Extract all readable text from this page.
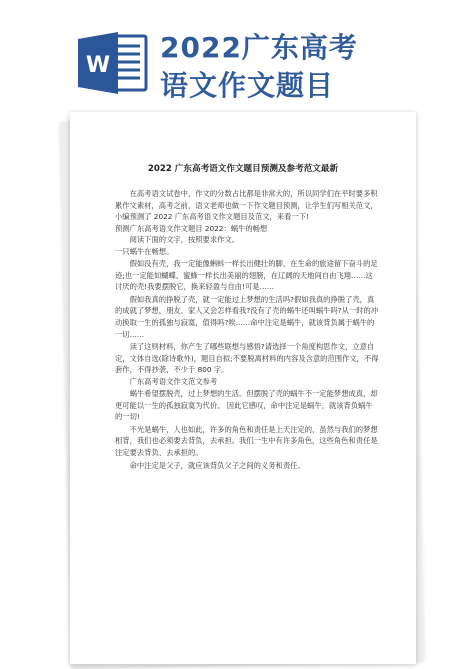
W
2022广东高考
语文作文题目
2022 广东高考语文作文题目预测及参考范文最新

在高考语文试卷中，作文的分数占比都是非常大的，所以同学们在平时要多积累作文素材，高考之前，语文老师也做一下作文题目预测，让学生们写相关范文，小编预测了 2022 广东高考语文作文题目及范文，来看一下!

预测广东高考语文作文题目 2022：蜗牛的畅想

阅读下面的文字，按照要求作文。

一只蜗牛在畅想。

假如没有壳，我一定能像蝌蚪一样长出健壮的脚，在生命的旅途留下奋斗的足迹;也一定能如蝴蝶、蜜蜂一样长出美丽的翅膀，在辽阔的天地间自由飞翔……这讨厌的壳!我要摆脱它，换来轻盈与自由!可是……

假如我真的挣脱了壳，就一定能过上梦想的生活吗?假如我真的挣脱了壳，真的成就了梦想，朋友、家人又会怎样看我?没有了壳的蜗牛还叫蜗牛吗?从一时的冲动换取一生的孤独与寂寞，值得吗?唉……命中注定是蜗牛，就该背负属于蜗牛的一切……

读了这则材料，你产生了哪些联想与感悟?请选择一个角度构思作文，立意自定，文体自选(除诗歌外)，题目自拟;不要脱离材料的内容及含意的范围作文，不得套作，不得抄袭，不少于 800 字。

广东高考语文作文范文参考

蜗牛希望摆脱壳，过上梦想的生活。但摆脱了壳的蜗牛不一定能梦想成真，却更可能以一生的孤独寂寞为代价。 因此它感叹，命中注定是蜗牛，就该背负蜗牛的一切!

不光是蜗牛，人也如此，许多的角色和责任是上天注定的，虽然与我们的梦想相背，我们也必须要去背负，去承担。我们一生中有许多角色，这些角色和责任是注定要去背负、去承担的。

命中注定是父子，就应该背负父子之间的义务和责任。
